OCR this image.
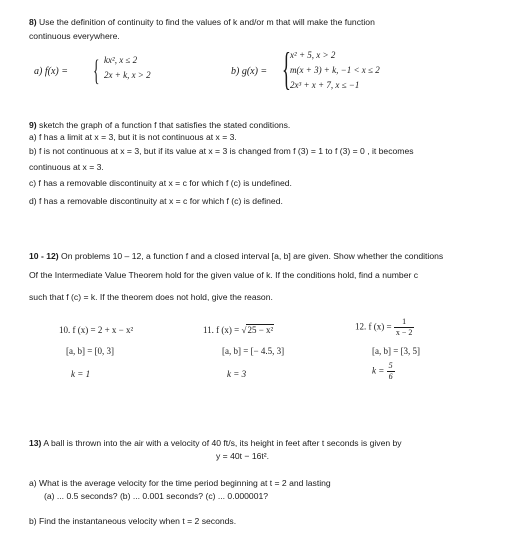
8) Use the definition of continuity to find the values of k and/or m that will make the function
continuous everywhere.
a) f(x) = { kx², x ≤ 2
2x + k, x > 2	b) g(x) = { x² + 5, x > 2
m(x + 3) + k, −1 < x ≤ 2
2x³ + x + 7, x ≤ −1
9) sketch the graph of a function f that satisfies the stated conditions.
a) f has a limit at x = 3, but it is not continuous at x = 3.
b) f is not continuous at x = 3, but if its value at x = 3 is changed from f (3) = 1 to f (3) = 0 , it becomes
continuous at x = 3.
c) f has a removable discontinuity at x = c for which f (c) is undefined.
d) f has a removable discontinuity at x = c for which f (c) is defined.
10 - 12) On problems 10 – 12, a function f and a closed interval [a, b] are given. Show whether the conditions
Of the Intermediate Value Theorem hold for the given value of k. If the conditions hold, find a number c
such that f (c) = k. If the theorem does not hold, give the reason.
10. f (x) = 2 + x − x²
[a, b] = [0, 3]
k = 1
11. f (x) = √25 − x²
[a, b] = [− 4.5, 3]
k = 3
12. f $(x) = \frac{1}{x - 2}$
[a, b] = [3, 5]
$k = \frac{5}{6}$
13) A ball is thrown into the air with a velocity of 40 ft/s, its height in feet after t seconds is given by
y = 40t − 16t².
a) What is the average velocity for the time period beginning at t = 2 and lasting
(a) ... 0.5 seconds? (b) ... 0.001 seconds? (c) ... 0.000001?
b) Find the instantaneous velocity when t = 2 seconds.
